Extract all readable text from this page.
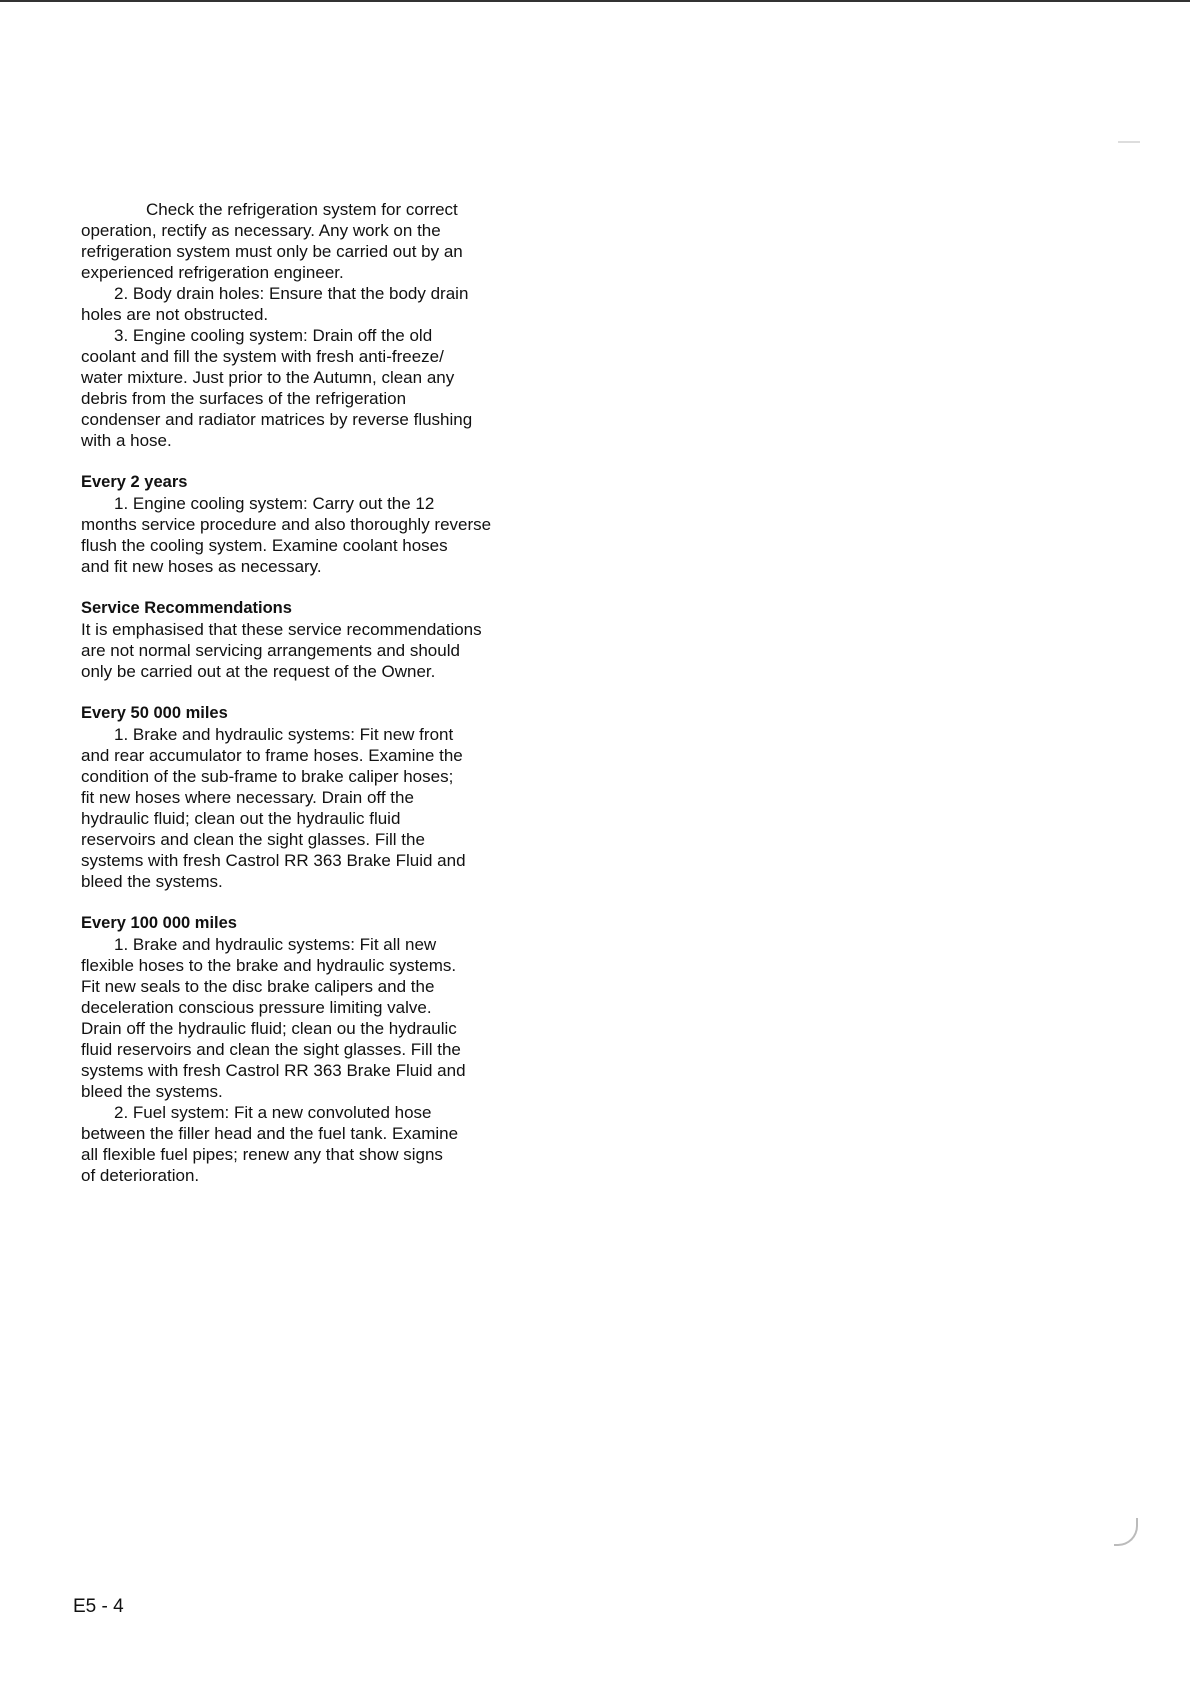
Check the refrigeration system for correct
operation, rectify as necessary. Any work on the
refrigeration system must only be carried out by an
experienced refrigeration engineer.
2. Body drain holes: Ensure that the body drain
holes are not obstructed.
3. Engine cooling system: Drain off the old
coolant and fill the system with fresh anti-freeze/
water mixture. Just prior to the Autumn, clean any
debris from the surfaces of the refrigeration
condenser and radiator matrices by reverse flushing
with a hose.
Every 2 years
1. Engine cooling system: Carry out the 12
months service procedure and also thoroughly reverse
flush the cooling system. Examine coolant hoses
and fit new hoses as necessary.
Service Recommendations
It is emphasised that these service recommendations
are not normal servicing arrangements and should
only be carried out at the request of the Owner.
Every 50 000 miles
1. Brake and hydraulic systems: Fit new front
and rear accumulator to frame hoses. Examine the
condition of the sub-frame to brake caliper hoses;
fit new hoses where necessary. Drain off the
hydraulic fluid; clean out the hydraulic fluid
reservoirs and clean the sight glasses. Fill the
systems with fresh Castrol RR 363 Brake Fluid and
bleed the systems.
Every 100 000 miles
1. Brake and hydraulic systems: Fit all new
flexible hoses to the brake and hydraulic systems.
Fit new seals to the disc brake calipers and the
deceleration conscious pressure limiting valve.
Drain off the hydraulic fluid; clean ou the hydraulic
fluid reservoirs and clean the sight glasses. Fill the
systems with fresh Castrol RR 363 Brake Fluid and
bleed the systems.
2. Fuel system: Fit a new convoluted hose
between the filler head and the fuel tank. Examine
all flexible fuel pipes; renew any that show signs
of deterioration.
E5 - 4
